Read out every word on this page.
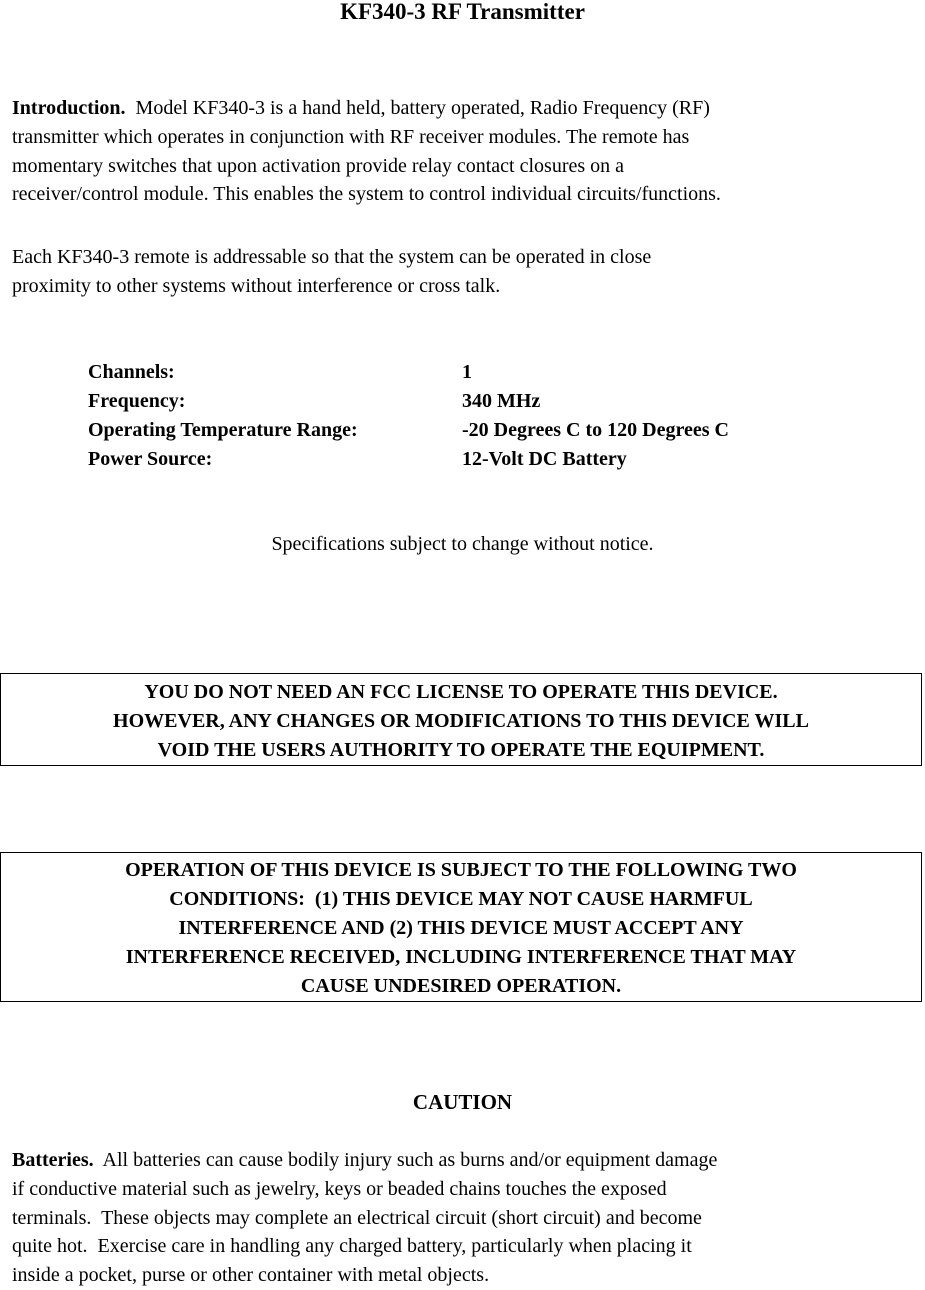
KF340-3 RF Transmitter
Introduction.  Model KF340-3 is a hand held, battery operated, Radio Frequency (RF)
transmitter which operates in conjunction with RF receiver modules. The remote has
momentary switches that upon activation provide relay contact closures on a
receiver/control module. This enables the system to control individual circuits/functions.
Each KF340-3 remote is addressable so that the system can be operated in close
proximity to other systems without interference or cross talk.
Channels:	1
Frequency:	340 MHz
Operating Temperature Range:	-20 Degrees C to 120 Degrees C
Power Source:	12-Volt DC Battery
Specifications subject to change without notice.
YOU DO NOT NEED AN FCC LICENSE TO OPERATE THIS DEVICE.
HOWEVER, ANY CHANGES OR MODIFICATIONS TO THIS DEVICE WILL
VOID THE USERS AUTHORITY TO OPERATE THE EQUIPMENT.
OPERATION OF THIS DEVICE IS SUBJECT TO THE FOLLOWING TWO
CONDITIONS:  (1) THIS DEVICE MAY NOT CAUSE HARMFUL
INTERFERENCE AND (2) THIS DEVICE MUST ACCEPT ANY
INTERFERENCE RECEIVED, INCLUDING INTERFERENCE THAT MAY
CAUSE UNDESIRED OPERATION.
CAUTION
Batteries.  All batteries can cause bodily injury such as burns and/or equipment damage
if conductive material such as jewelry, keys or beaded chains touches the exposed
terminals.  These objects may complete an electrical circuit (short circuit) and become
quite hot.  Exercise care in handling any charged battery, particularly when placing it
inside a pocket, purse or other container with metal objects.
